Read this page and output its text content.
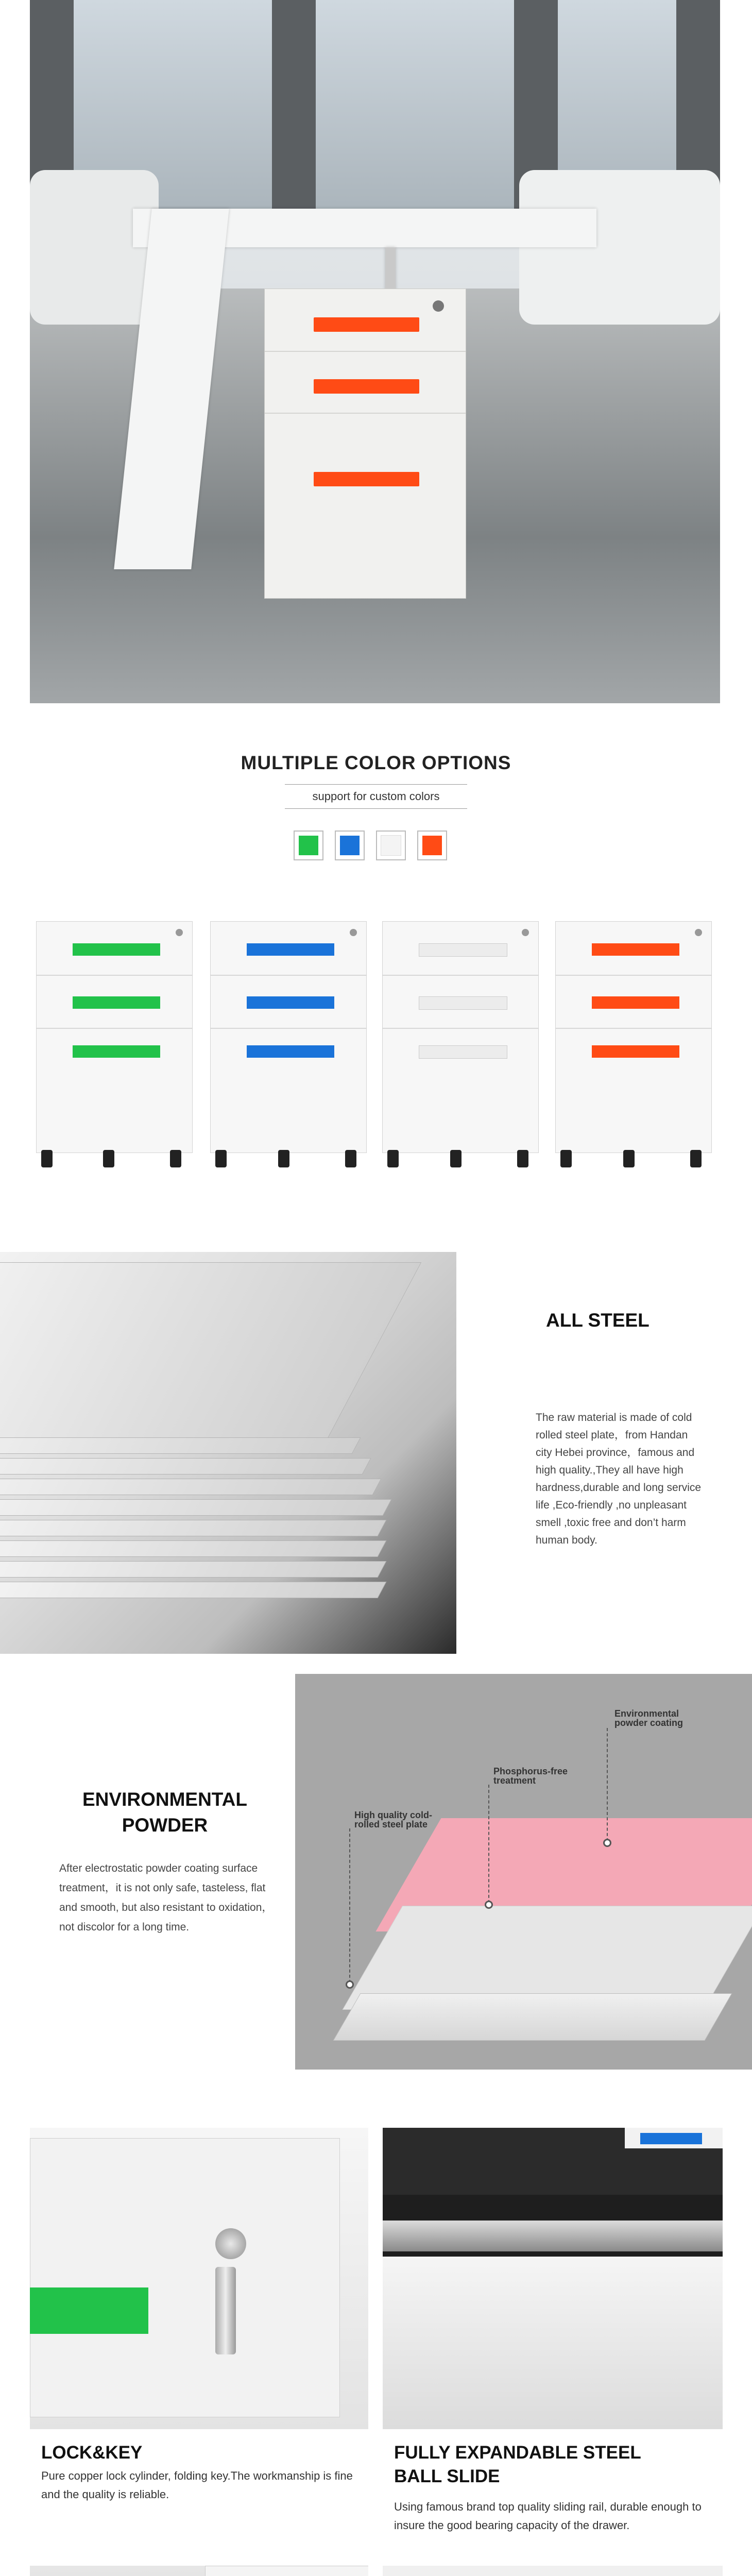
MULTIPLE COLOR OPTIONS
support for custom colors
ALL STEEL
The raw material is made of cold rolled steel plate，from Handan city Hebei province，famous and high quality.,They all have high hardness,durable and long service life ,Eco-friendly ,no unpleasant smell ,toxic free and don’t harm human body.
ENVIRONMENTAL
POWDER
After electrostatic powder coating surface treatment，it is not only safe, tasteless, flat and smooth, but also resistant to oxidation，not discolor for a long time.
Environmental
powder coating
Phosphorus-free
treatment
High quality cold-
rolled steel plate
LOCK&KEY
Pure copper lock cylinder, folding key.The workmanship is fine and the quality is reliable.
FULLY EXPANDABLE STEEL
BALL SLIDE
Using famous brand top quality sliding rail, durable enough to insure the good bearing capacity of the drawer.
